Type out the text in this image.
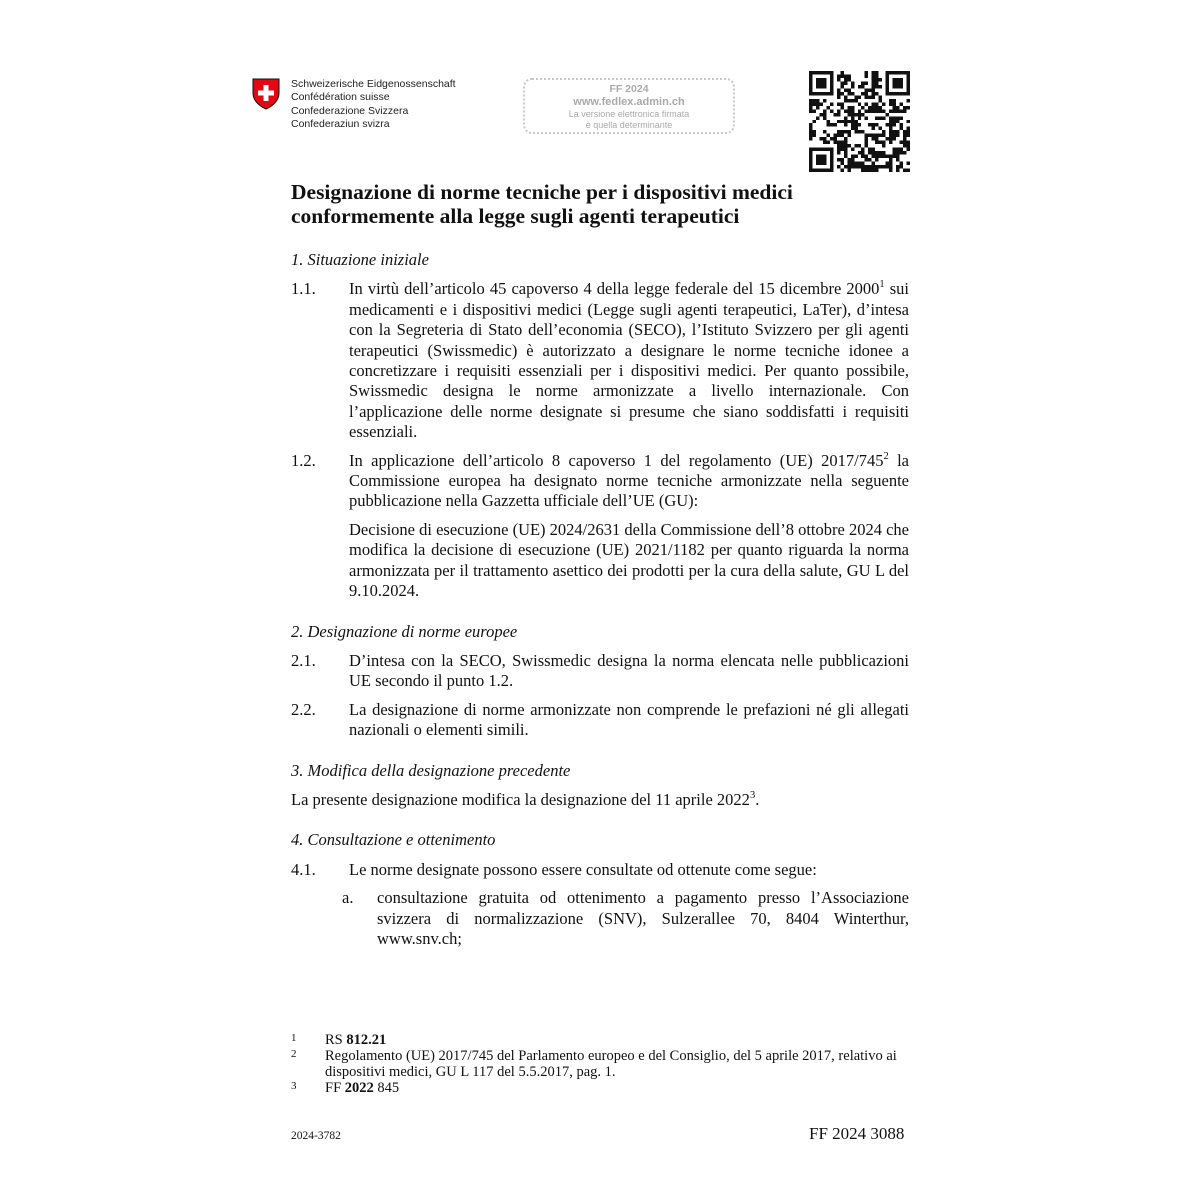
Schweizerische Eidgenossenschaft
Confédération suisse
Confederazione Svizzera
Confederaziun svizra
FF 2024
www.fedlex.admin.ch
La versione elettronica firmata
è quella determinante
Designazione di norme tecniche per i dispositivi medici
conformemente alla legge sugli agenti terapeutici
1. Situazione iniziale
1.1. In virtù dell’articolo 45 capoverso 4 della legge federale del 15 dicembre 2000$^1$ sui medicamenti e i dispositivi medici (Legge sugli agenti terapeutici, LaTer), d’intesa con la Segreteria di Stato dell’economia (SECO), l’Istituto Svizzero per gli agenti terapeutici (Swissmedic) è autorizzato a designare le norme tecniche idonee a concretizzare i requisiti essenziali per i dispositivi medici. Per quanto possibile, Swissmedic designa le norme armonizzate a livello internazionale. Con l’applicazione delle norme designate si presume che siano soddisfatti i requisiti essenziali.

1.2. In applicazione dell’articolo 8 capoverso 1 del regolamento (UE) $2017/745^2$ la Commissione europea ha designato norme tecniche armonizzate nella seguente pubblicazione nella Gazzetta ufficiale dell’UE (GU):

Decisione di esecuzione (UE) 2024/2631 della Commissione dell’8 ottobre 2024 che modifica la decisione di esecuzione (UE) 2021/1182 per quanto riguarda la norma armonizzata per il trattamento asettico dei prodotti per la cura della salute, GU L del 9.10.2024.

2. Designazione di norme europee
2.1. D’intesa con la SECO, Swissmedic designa la norma elencata nelle pubblicazioni UE secondo il punto 1.2.

2.2. La designazione di norme armonizzate non comprende le prefazioni né gli allegati nazionali o elementi simili.

3. Modifica della designazione precedente
La presente designazione modifica la designazione del 11 aprile 2022$^3$.
4. Consultazione e ottenimento
4.1. Le norme designate possono essere consultate od ottenute come segue:

a. consultazione gratuita od ottenimento a pagamento presso l’Associazione svizzera di normalizzazione (SNV), Sulzerallee 70, 8404 Winterthur, www.snv.ch;
1 RS 812.21
2 Regolamento (UE) 2017/745 del Parlamento europeo e del Consiglio, del 5 aprile 2017, relativo ai dispositivi medici, GU L 117 del 5.5.2017, pag. 1.
3 FF 2022 845
2024-3782	FF 2024 3088
